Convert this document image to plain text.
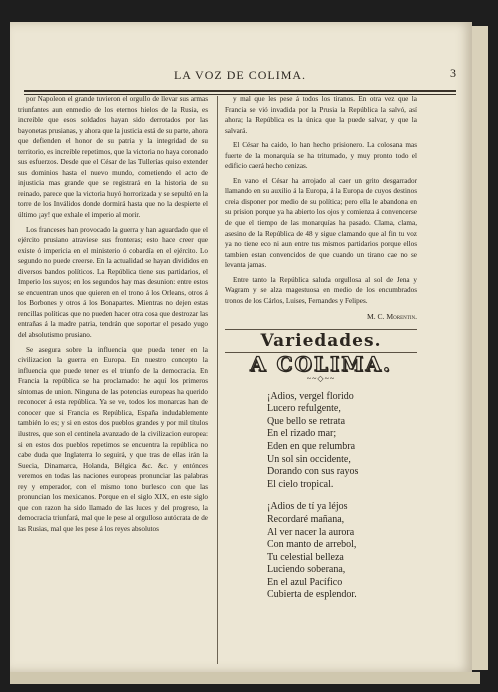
LA VOZ DE COLIMA.	3

por Napoleon el grande tuvieron el orgullo de llevar sus armas triunfantes aun enmedio de los eternos hielos de la Rusia, es increible que esos soldados hayan sido derrotados por las bayonetas prusianas, y ahora que la justicia está de su parte, ahora que defienden el honor de su patria y la integridad de su territorio, es increible repetimos, que la victoria no haya coronado sus esfuerzos. Desde que el César de las Tullerías quiso extender sus dominios hasta el nuevo mundo, cometiendo el acto de injusticia mas grande que se registrará en la historia de su reinado, parece que la victoria huyó horrorizada y se sepultó en la torre de los Inválidos donde dormirá hasta que no la despierte el último ¡ay! que exhale el imperio al morir.

Los franceses han provocado la guerra y han aguardado que el ejército prusiano atraviese sus fronteras; esto hace creer que existe ó impericia en el ministerio ó cobardía en el ejército. Lo segundo no puede creerse. En la actualidad se hayan divididos en diversos bandos políticos. La República tiene sus partidarios, el Imperio los suyos; en los segundos hay mas desunion: entre estos se encuentran unos que quieren en el trono á los Orleans, otros á los Borbones y otros á los Bonapartes. Mientras no dejen estas rencillas políticas que no pueden hacer otra cosa que destrozar las entrañas á la madre patria, tendrán que soportar el pesado yugo del absolutismo prusiano.

Se asegura sobre la influencia que pueda tener en la civilizacion la guerra en Europa. En nuestro concepto la influencia que puede tener es el triunfo de la democracia. En Francia la república se ha proclamado: he aquí los primeros síntomas de union. Ninguna de las potencias europeas ha querido reconocer á esta república. Ya se ve, todos los monarcas han de conocer que si Francia es República, España indudablemente también lo es; y si en estos dos pueblos grandes y por mil títulos ilustres, que son el centinela avanzado de la civilizacion europea: si en estos dos pueblos repetimos se encuentra la república no cabe duda que Inglaterra lo seguirá, y que tras de ellas irán la Suecia, Dinamarca, Holanda, Bélgica &c. &c. y entónces veremos en todas las naciones europeas pronunciar las palabras rey y emperador, con el mismo tono burlesco con que las pronuncian los mexicanos. Porque en el siglo XIX, en este siglo que con razon ha sido llamado de las luces y del progreso, la democracia triunfará, mal que le pese al orgulloso autócrata de de las Rusias, mal que les pese á los reyes absolutos

y mal que les pese á todos los tiranos. En otra vez que la Francia se vió invadida por la Prusia la República la salvó, así ahora; la República es la única que la puede salvar, y que la salvará.

El César ha caido, lo han hecho prisionero. La colosana mas fuerte de la monarquía se ha tritumado, y muy pronto todo el edificio caerá hecho cenizas.

En vano el César ha arrojado al caer un grito desgarrador llamando en su auxilio á la Europa, á la Europa de cuyos destinos creia disponer por medio de su política; pero ella le abandona en su prision porque ya ha abierto los ojos y comienza á convencerse de que el tiempo de las monarquías ha pasado. Clama, clama, asesino de la República de 48 y sigue clamando que al fin tu voz ya no tiene eco ni aun entre tus mismos partidarios porque ellos tambien estan convencidos de que cuando un tirano cae no se levanta jamas.

Entre tanto la República saluda orgullosa al sol de Jena y Wagram y se alza magestuosa en medio de los encumbrados tronos de los Cárlos, Luises, Fernandes y Felipes.

M. C. Morentin.
Variedades.
A COLIMA.
~~◇~~
¡Adios, vergel florido
Lucero refulgente,
Que bello se retrata
En el rizado mar;
Eden en que relumbra
Un sol sin occidente,
Dorando con sus rayos
El cielo tropical.
¡Adios de tí ya léjos
Recordaré mañana,
Al ver nacer la aurora
Con manto de arrebol,
Tu celestial belleza
Luciendo soberana,
En el azul Pacífico
Cubierta de esplendor.
